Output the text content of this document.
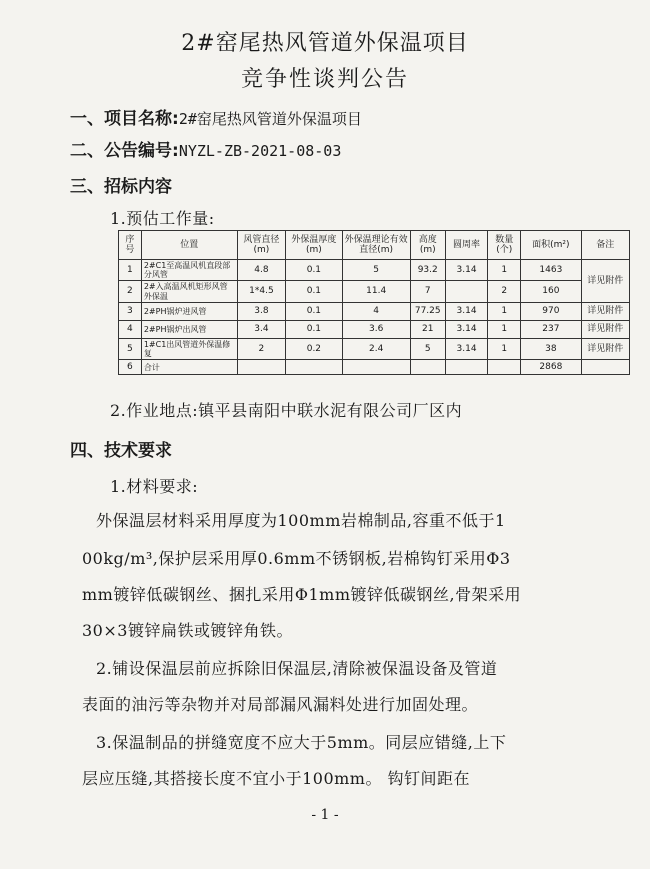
2#窑尾热风管道外保温项目
竞争性谈判公告
一、项目名称:2#窑尾热风管道外保温项目
二、公告编号:NYZL-ZB-2021-08-03
三、招标内容
1.预估工作量:
序号	位置	风管直径(m)	外保温厚度(m)	外保温理论有效直径(m)	高度(m)	圆周率	数量(个)	面积(m²)	备注
1	2#C1至高温风机直段部分风管	4.8	0.1	5	93.2	3.14	1	1463	详见附件
2	2#入高温风机矩形风管外保温	1*4.5	0.1	11.4	7		2	160	
3	2#PH锅炉进风管	3.8	0.1	4	77.25	3.14	1	970	详见附件
4	2#PH锅炉出风管	3.4	0.1	3.6	21	3.14	1	237	详见附件
5	1#C1出风管道外保温修复	2	0.2	2.4	5	3.14	1	38	详见附件
6	合计							2868	
2.作业地点:镇平县南阳中联水泥有限公司厂区内
四、技术要求
1.材料要求:
外保温层材料采用厚度为100mm岩棉制品,容重不低于1
00kg/m³,保护层采用厚0.6mm不锈钢板,岩棉钩钉采用Φ3
mm镀锌低碳钢丝、捆扎采用Φ1mm镀锌低碳钢丝,骨架采用
30×3镀锌扁铁或镀锌角铁。
2.铺设保温层前应拆除旧保温层,清除被保温设备及管道
表面的油污等杂物并对局部漏风漏料处进行加固处理。
3.保温制品的拼缝宽度不应大于5mm。同层应错缝,上下
层应压缝,其搭接长度不宜小于100mm。 钩钉间距在
- 1 -
